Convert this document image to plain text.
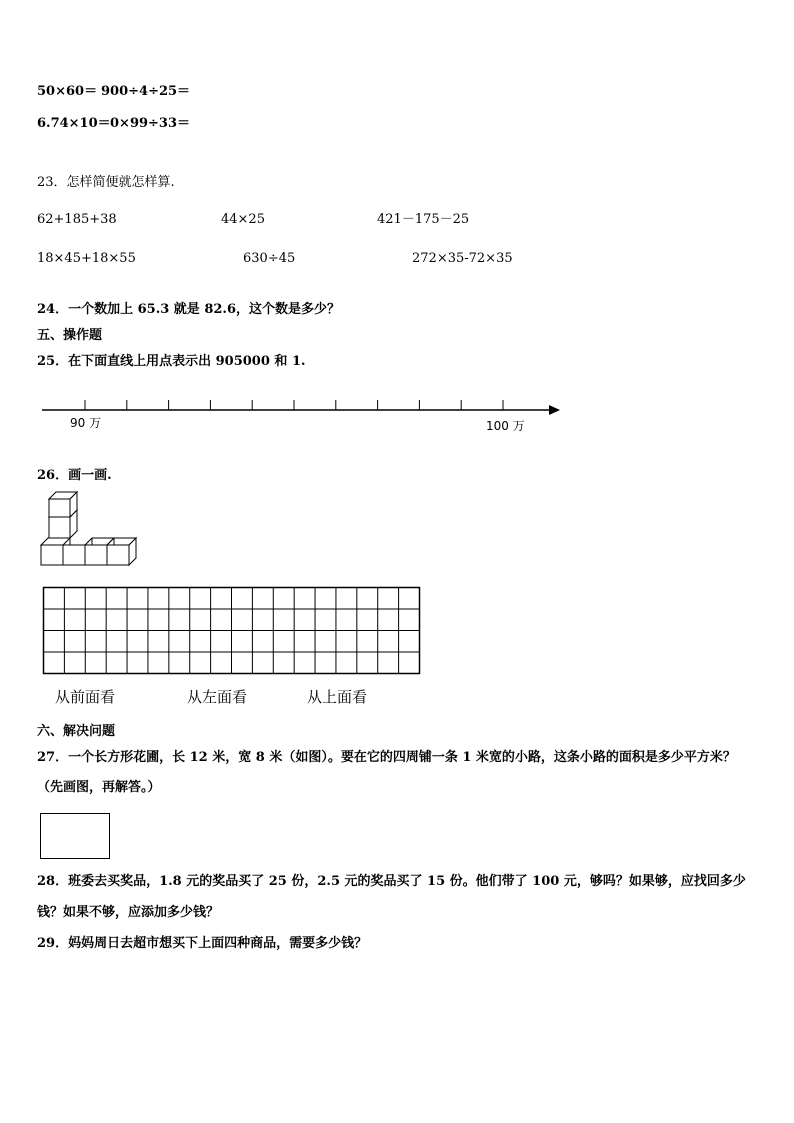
50×60＝ 900÷4÷25＝
6.74×10＝ 0×99÷33＝
23．怎样简便就怎样算.
62+185+38	44×25	421－175－25
18×45+18×55	630÷45	272×35-72×35
24．一个数加上 65.3 就是 82.6，这个数是多少？
五、操作题
25．在下面直线上用点表示出 905000 和 1.
90 万	100 万
26．画一画.
从前面看	从左面看	从上面看
六、解决问题
27．一个长方形花圃，长 12 米，宽 8 米（如图）。要在它的四周铺一条 1 米宽的小路，这条小路的面积是多少平方米？
（先画图，再解答。）
28．班委去买奖品，1.8 元的奖品买了 25 份，2.5 元的奖品买了 15 份。他们带了 100 元，够吗？如果够，应找回多少
钱？如果不够，应添加多少钱？
29．妈妈周日去超市想买下上面四种商品，需要多少钱？
